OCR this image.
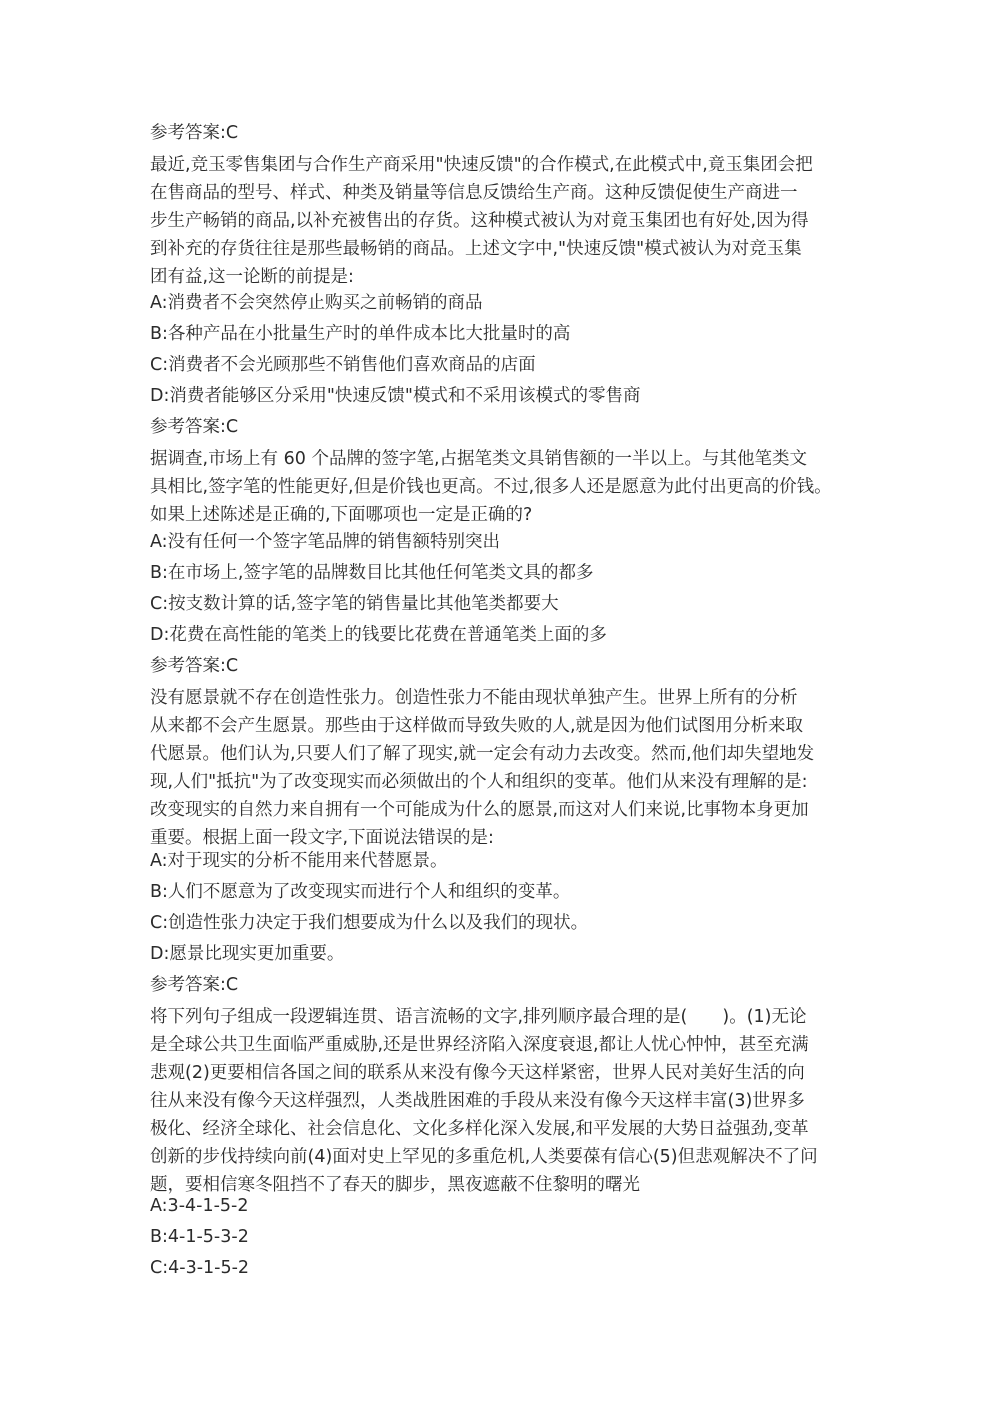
参考答案:C

最近,竞玉零售集团与合作生产商采用"快速反馈"的合作模式,在此模式中,竟玉集团会把
在售商品的型号、样式、种类及销量等信息反馈给生产商。这种反馈促使生产商进一
步生产畅销的商品,以补充被售出的存货。这种模式被认为对竟玉集团也有好处,因为得
到补充的存货往往是那些最畅销的商品。上述文字中,"快速反馈"模式被认为对竞玉集
团有益,这一论断的前提是:

A:消费者不会突然停止购买之前畅销的商品

B:各种产品在小批量生产时的单件成本比大批量时的高

C:消费者不会光顾那些不销售他们喜欢商品的店面

D:消费者能够区分采用"快速反馈"模式和不采用该模式的零售商

参考答案:C

据调查,市场上有 60 个品牌的签字笔,占据笔类文具销售额的一半以上。与其他笔类文
具相比,签字笔的性能更好,但是价钱也更高。不过,很多人还是愿意为此付出更高的价钱。
如果上述陈述是正确的,下面哪项也一定是正确的?

A:没有任何一个签字笔品牌的销售额特别突出

B:在市场上,签字笔的品牌数目比其他任何笔类文具的都多

C:按支数计算的话,签字笔的销售量比其他笔类都要大

D:花费在高性能的笔类上的钱要比花费在普通笔类上面的多

参考答案:C

没有愿景就不存在创造性张力。创造性张力不能由现状单独产生。世界上所有的分析
从来都不会产生愿景。那些由于这样做而导致失败的人,就是因为他们试图用分析来取
代愿景。他们认为,只要人们了解了现实,就一定会有动力去改变。然而,他们却失望地发
现,人们"抵抗"为了改变现实而必须做出的个人和组织的变革。他们从来没有理解的是:
改变现实的自然力来自拥有一个可能成为什么的愿景,而这对人们来说,比事物本身更加
重要。根据上面一段文字,下面说法错误的是:

A:对于现实的分析不能用来代替愿景。

B:人们不愿意为了改变现实而进行个人和组织的变革。

C:创造性张力决定于我们想要成为什么以及我们的现状。

D:愿景比现实更加重要。

参考答案:C

将下列句子组成一段逻辑连贯、语言流畅的文字,排列顺序最合理的是(　　)。(1)无论
是全球公共卫生面临严重威胁,还是世界经济陷入深度衰退,都让人忧心忡忡，甚至充满
悲观(2)更要相信各国之间的联系从来没有像今天这样紧密，世界人民对美好生活的向
往从来没有像今天这样强烈，人类战胜困难的手段从来没有像今天这样丰富(3)世界多
极化、经济全球化、社会信息化、文化多样化深入发展,和平发展的大势日益强劲,变革
创新的步伐持续向前(4)面对史上罕见的多重危机,人类要葆有信心(5)但悲观解决不了问
题，要相信寒冬阻挡不了春天的脚步，黑夜遮蔽不住黎明的曙光

A:3-4-1-5-2

B:4-1-5-3-2

C:4-3-1-5-2
